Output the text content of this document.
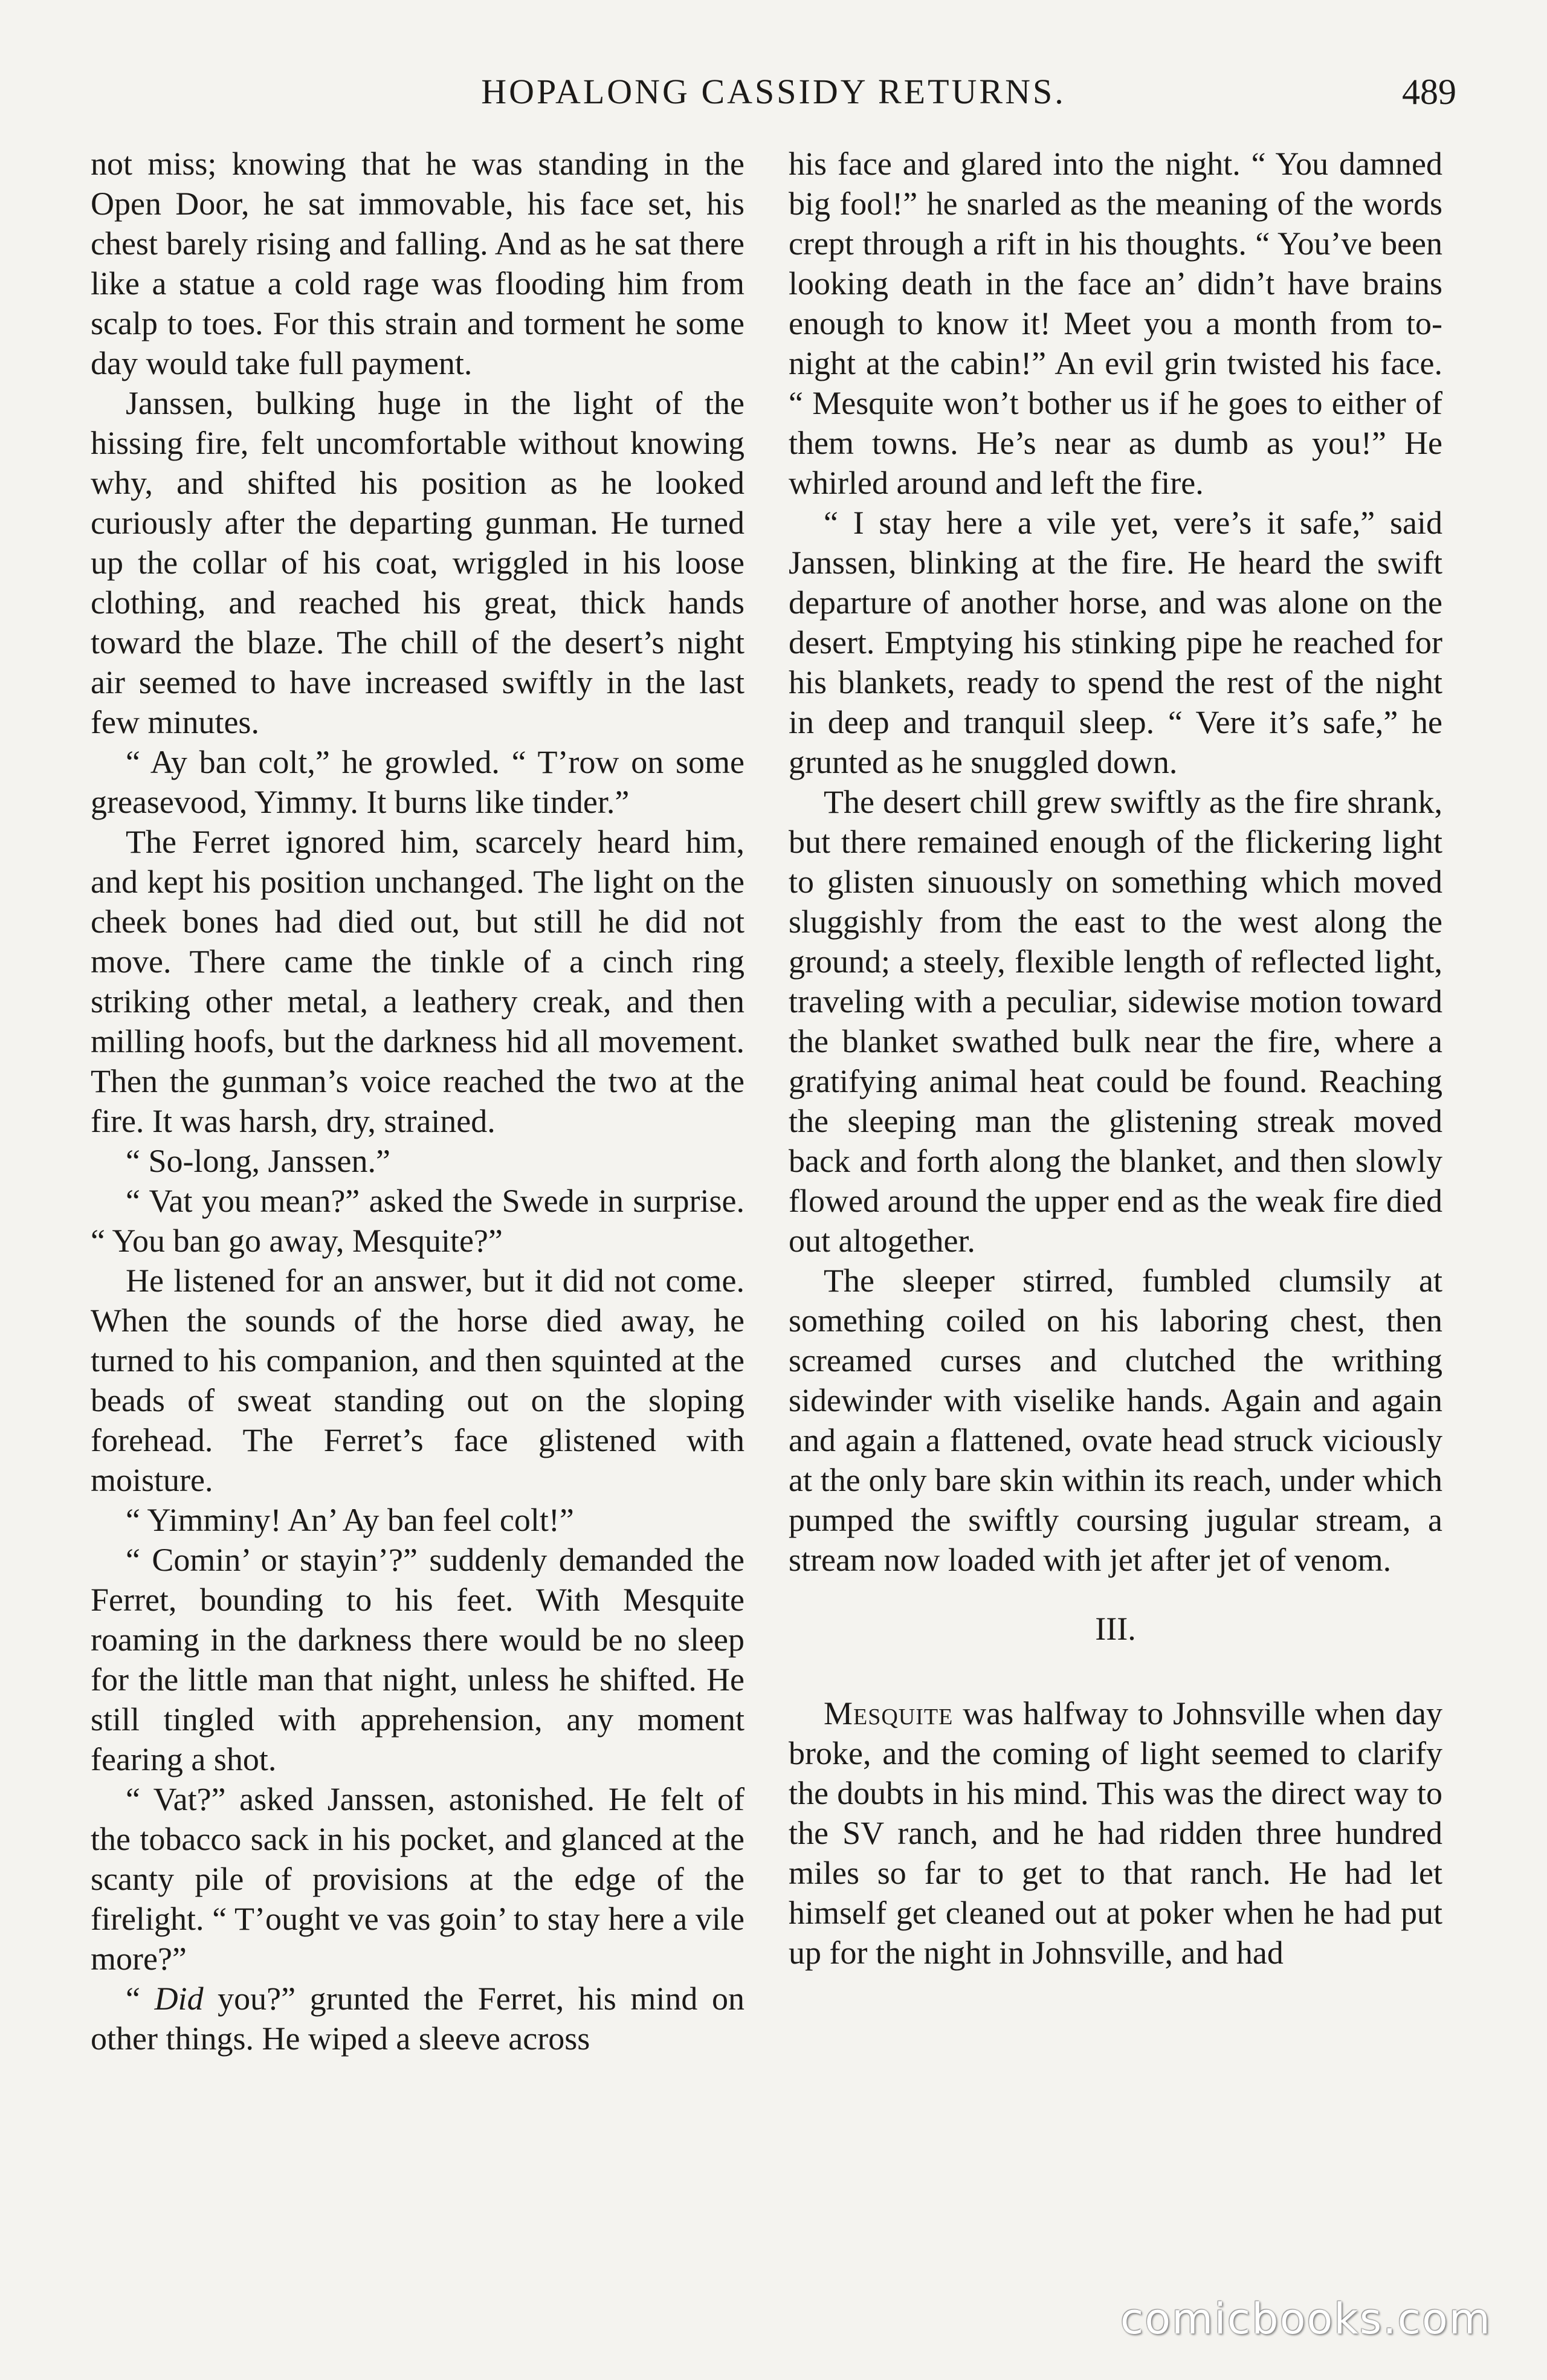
HOPALONG CASSIDY RETURNS.	489

not miss; knowing that he was standing in the Open Door, he sat immovable, his face set, his chest barely rising and falling. And as he sat there like a statue a cold rage was flooding him from scalp to toes. For this strain and torment he some day would take full payment.

Janssen, bulking huge in the light of the hissing fire, felt uncomfortable without knowing why, and shifted his position as he looked curiously after the departing gunman. He turned up the collar of his coat, wriggled in his loose clothing, and reached his great, thick hands toward the blaze. The chill of the desert’s night air seemed to have increased swiftly in the last few minutes.

“ Ay ban colt,” he growled. “ T’row on some greasevood, Yimmy. It burns like tinder.”

The Ferret ignored him, scarcely heard him, and kept his position unchanged. The light on the cheek bones had died out, but still he did not move. There came the tinkle of a cinch ring striking other metal, a leathery creak, and then milling hoofs, but the darkness hid all movement. Then the gunman’s voice reached the two at the fire. It was harsh, dry, strained.

“ So-long, Janssen.”

“ Vat you mean?” asked the Swede in surprise. “ You ban go away, Mesquite?”

He listened for an answer, but it did not come. When the sounds of the horse died away, he turned to his companion, and then squinted at the beads of sweat standing out on the sloping forehead. The Ferret’s face glistened with moisture.

“ Yimminy! An’ Ay ban feel colt!”

“ Comin’ or stayin’?” suddenly demanded the Ferret, bounding to his feet. With Mesquite roaming in the darkness there would be no sleep for the little man that night, unless he shifted. He still tingled with apprehension, any moment fearing a shot.

“ Vat?” asked Janssen, astonished. He felt of the tobacco sack in his pocket, and glanced at the scanty pile of provisions at the edge of the firelight. “ T’ought ve vas goin’ to stay here a vile more?”

“ Did you?” grunted the Ferret, his mind on other things. He wiped a sleeve across

his face and glared into the night. “ You damned big fool!” he snarled as the meaning of the words crept through a rift in his thoughts. “ You’ve been looking death in the face an’ didn’t have brains enough to know it! Meet you a month from to-night at the cabin!” An evil grin twisted his face. “ Mesquite won’t bother us if he goes to either of them towns. He’s near as dumb as you!” He whirled around and left the fire.

“ I stay here a vile yet, vere’s it safe,” said Janssen, blinking at the fire. He heard the swift departure of another horse, and was alone on the desert. Emptying his stinking pipe he reached for his blankets, ready to spend the rest of the night in deep and tranquil sleep. “ Vere it’s safe,” he grunted as he snuggled down.

The desert chill grew swiftly as the fire shrank, but there remained enough of the flickering light to glisten sinuously on something which moved sluggishly from the east to the west along the ground; a steely, flexible length of reflected light, traveling with a peculiar, sidewise motion toward the blanket swathed bulk near the fire, where a gratifying animal heat could be found. Reaching the sleeping man the glistening streak moved back and forth along the blanket, and then slowly flowed around the upper end as the weak fire died out altogether.

The sleeper stirred, fumbled clumsily at something coiled on his laboring chest, then screamed curses and clutched the writhing sidewinder with viselike hands. Again and again and again a flattened, ovate head struck viciously at the only bare skin within its reach, under which pumped the swiftly coursing jugular stream, a stream now loaded with jet after jet of venom.

III.

Mesquite was halfway to Johnsville when day broke, and the coming of light seemed to clarify the doubts in his mind. This was the direct way to the SV ranch, and he had ridden three hundred miles so far to get to that ranch. He had let himself get cleaned out at poker when he had put up for the night in Johnsville, and had

comicbooks.com
